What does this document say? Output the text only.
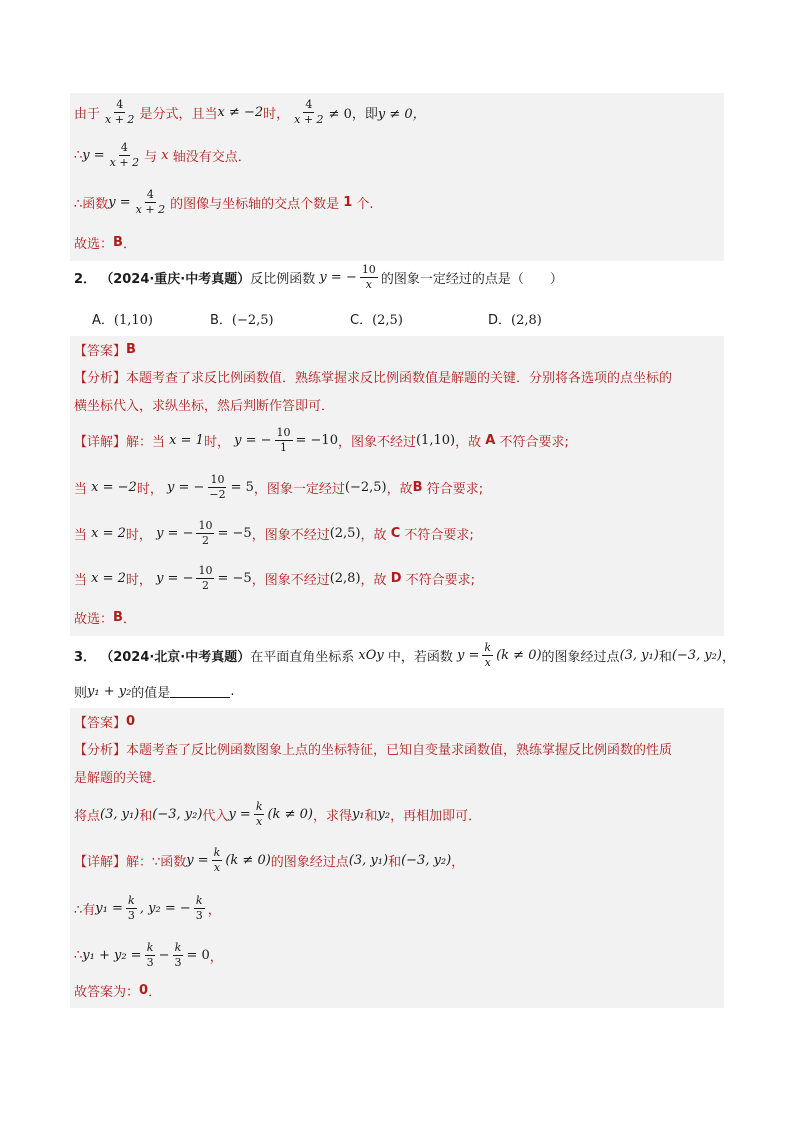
由于 $\frac{4}{x + 2}$ 是分式，且当 x ≠ −2 时， $\frac{4}{x + 2} \ne 0$，即 y ≠ 0，
∴ $y = \frac{4}{x + 2}$ 与
x
轴没有交点．
∴函数 $y = \frac{4}{x + 2}$ 的图像与坐标轴的交点个数是
1
个.
故选： B ．
2．
（2024·重庆·中考真题） 反比例函数
y = − $\frac{10}{x}$ 的图象一定经过的点是（　　）
A．(1,10)	B．(−2,5)	C．(2,5)	D．(2,8)
【答案】 B
【分析】 本题考查了求反比例函数值．熟练掌握求反比例函数值是解题的关键．分别将各选项的点坐标的
横坐标代入，求纵坐标，然后判断作答即可．
【详解】 解：当
x = 1 时，
y = − $\frac{10}{1} = -10$ ，图象不经过 (1,10) ，故
A
不符合要求;
当
x = −2 时，
y = − $\frac{10}{-2} = 5$ ，图象一定经过 (−2,5) ，故 B
符合要求;
当
x = 2 时，
y = − $\frac{10}{2} = -5$ ，图象不经过 (2,5) ，故
C
不符合要求;
当
x = 2 时，
y = − $\frac{10}{2} = -5$ ，图象不经过 (2,8) ，故
D
不符合要求;
故选： B ．
3．
（2024·北京·中考真题） 在平面直角坐标系
xOy
中，若函数
$y = \frac{k}{x} (k \ne 0)$ 的图象经过点 (3, y₁) 和 (−3, y₂) ，
则 y₁ + y₂ 的值是	.
【答案】 0
【分析】 本题考查了反比例函数图象上点的坐标特征，已知自变量求函数值，熟练掌握反比例函数的性质
是解题的关键．
将点 (3, y₁) 和 (−3, y₂) 代入 $y = \frac{k}{x} (k \ne 0)$ ，求得 y₁ 和 y₂ ，再相加即可．
【详解】 解：∵函数 $y = \frac{k}{x} (k \ne 0)$ 的图象经过点 (3, y₁) 和 (−3, y₂) ，
∴有 $y_1 = \frac{k}{3}$ , y₂ = − $\frac{k}{3}$ ，
∴ $y_1 + y_2 = \frac{k}{3} - \frac{k}{3} = 0$ ，
故答案为： 0 ．
